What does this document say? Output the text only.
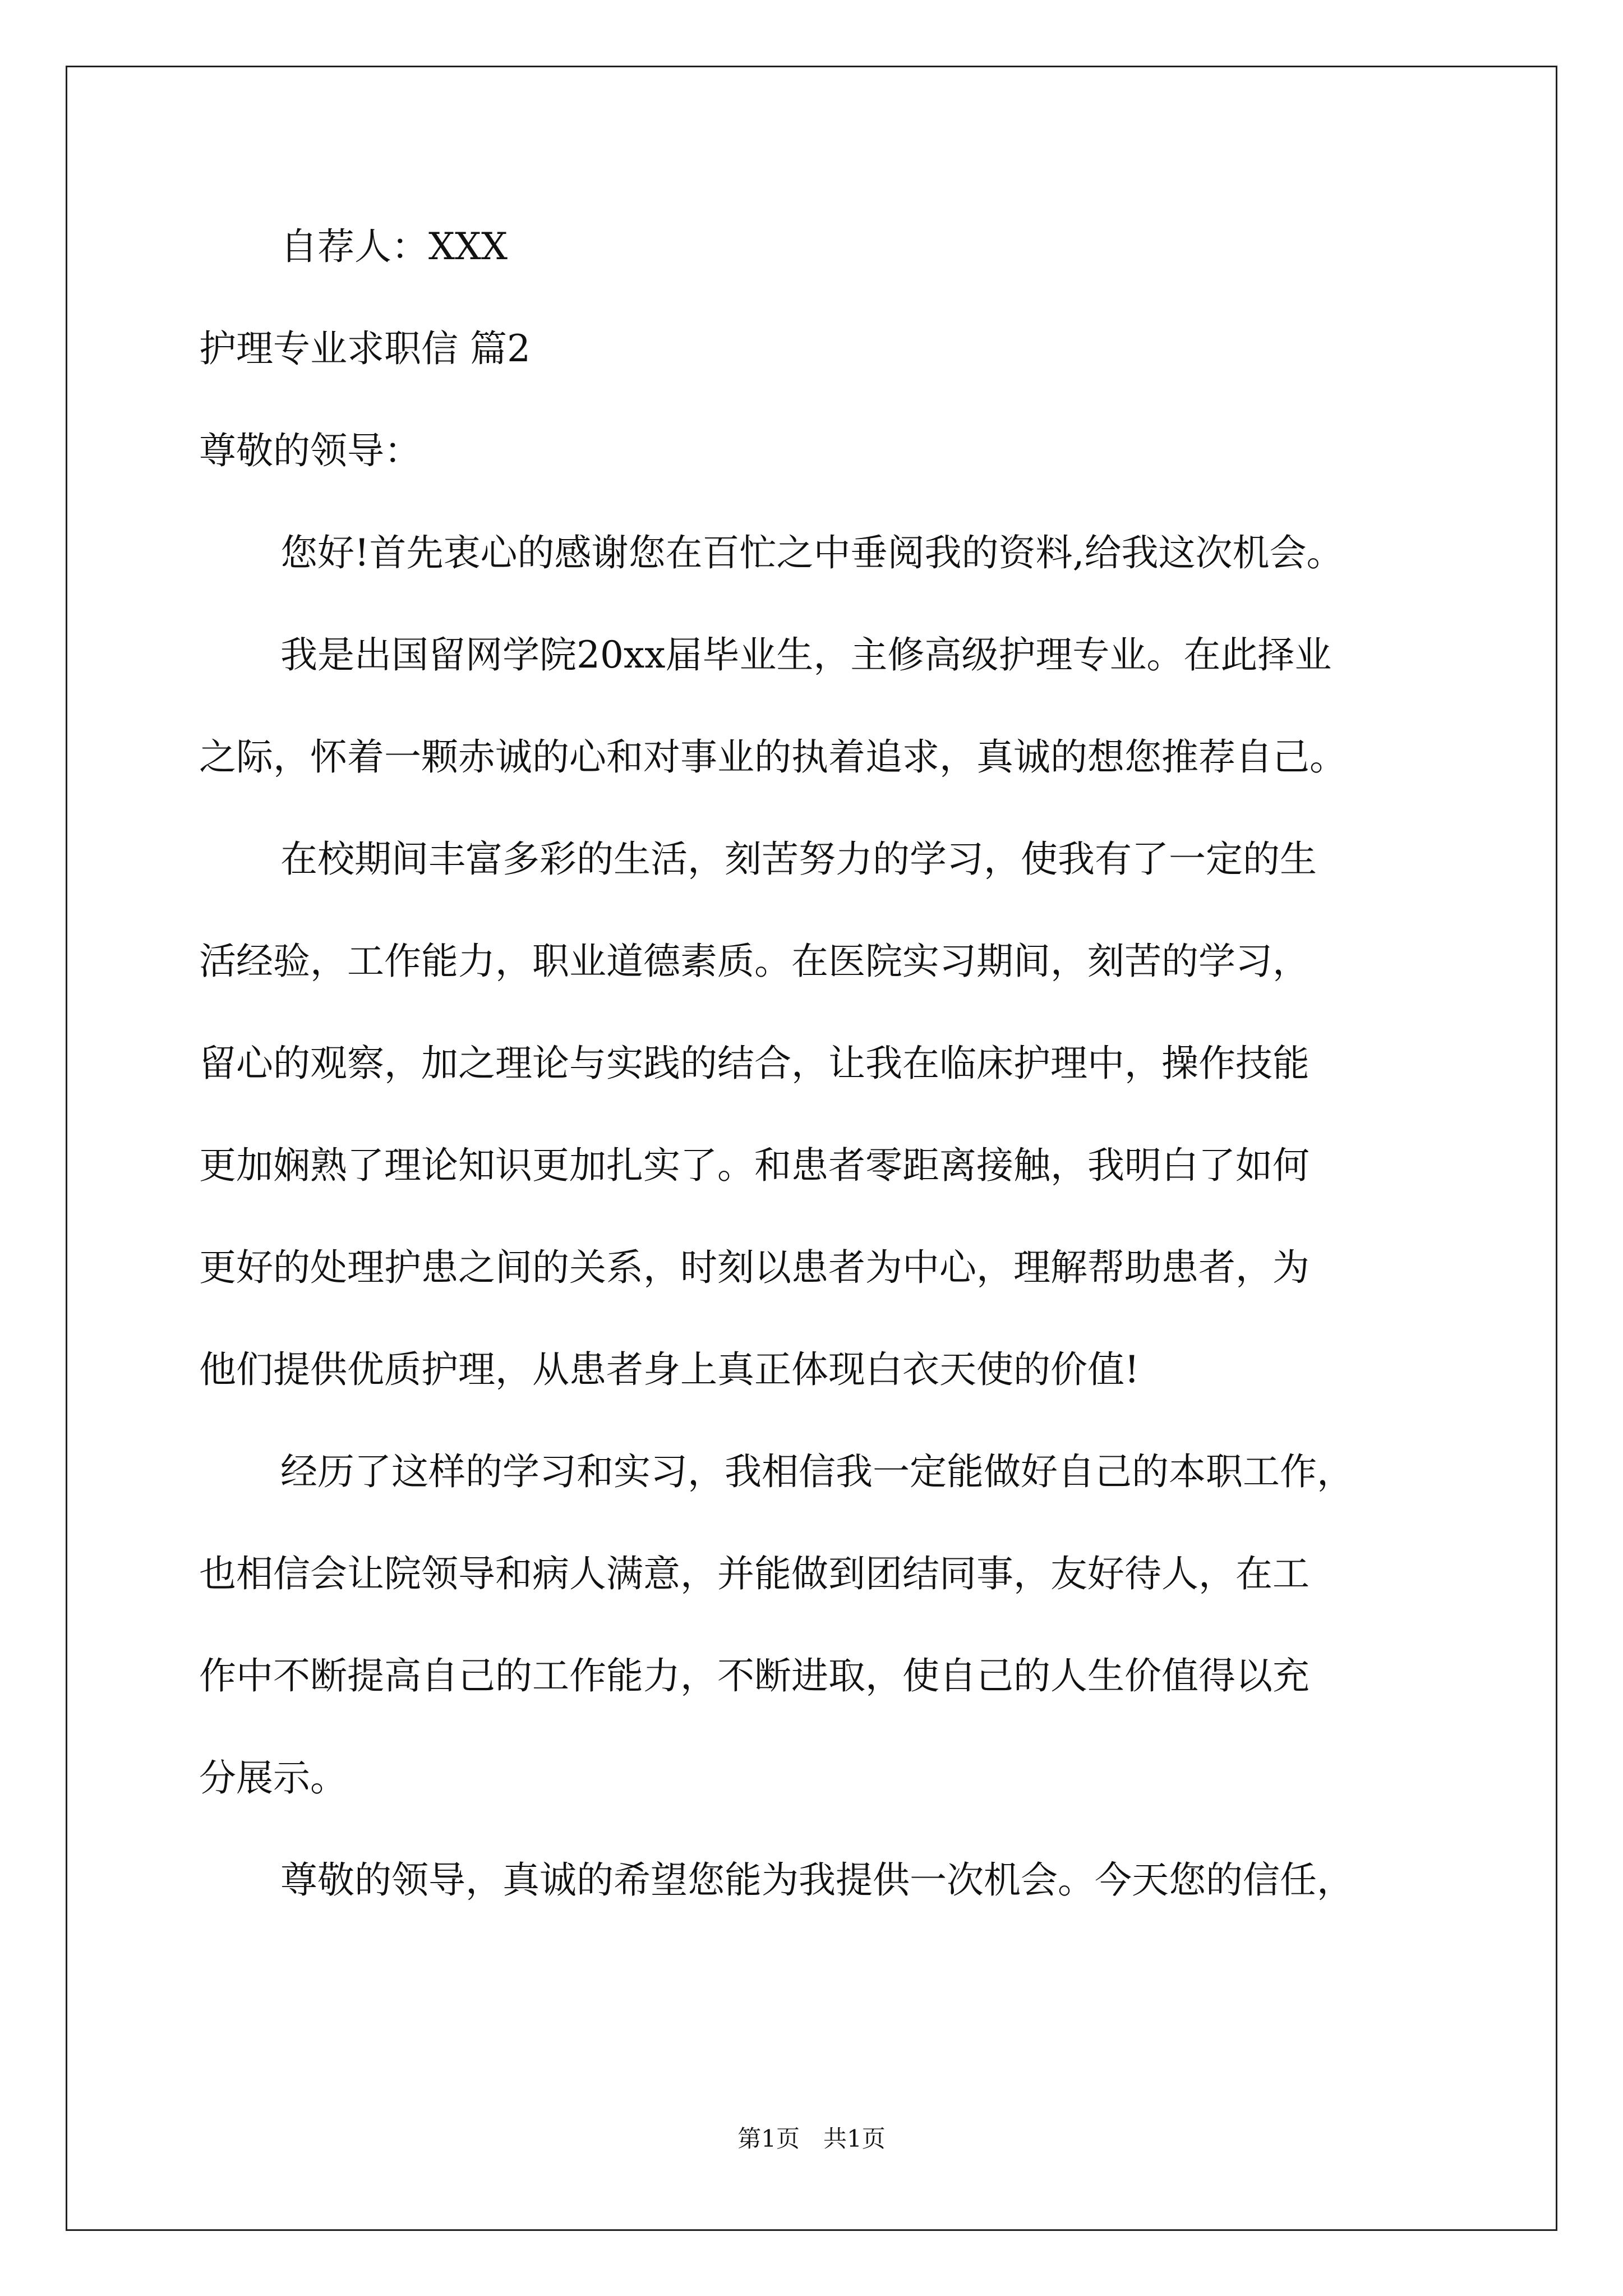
自荐人：XXX
护理专业求职信 篇2
尊敬的领导：
您好!首先衷心的感谢您在百忙之中垂阅我的资料,给我这次机会。
我是出国留网学院20xx届毕业生，主修高级护理专业。在此择业
之际，怀着一颗赤诚的心和对事业的执着追求，真诚的想您推荐自己。
在校期间丰富多彩的生活，刻苦努力的学习，使我有了一定的生
活经验，工作能力，职业道德素质。在医院实习期间，刻苦的学习，
留心的观察，加之理论与实践的结合，让我在临床护理中，操作技能
更加娴熟了理论知识更加扎实了。和患者零距离接触，我明白了如何
更好的处理护患之间的关系，时刻以患者为中心，理解帮助患者，为
他们提供优质护理，从患者身上真正体现白衣天使的价值!
经历了这样的学习和实习，我相信我一定能做好自己的本职工作，
也相信会让院领导和病人满意，并能做到团结同事，友好待人，在工
作中不断提高自己的工作能力，不断进取，使自己的人生价值得以充
分展示。
尊敬的领导，真诚的希望您能为我提供一次机会。今天您的信任，
第1页　共1页
